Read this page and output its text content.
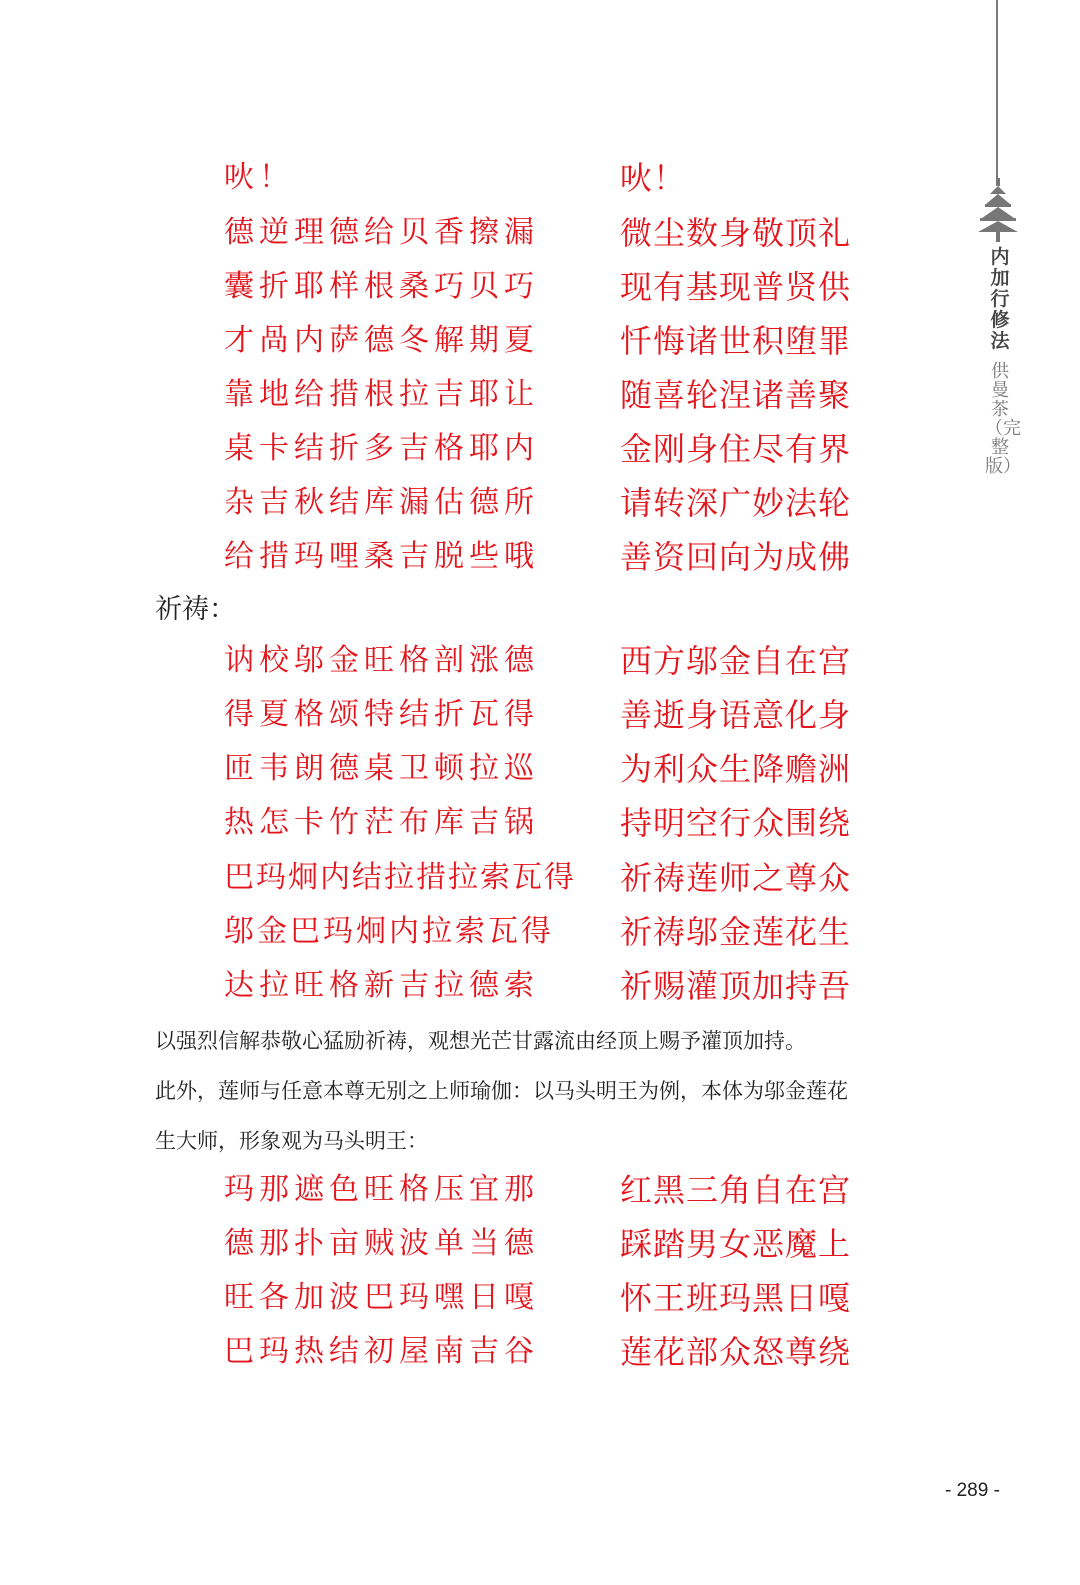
内加行修法
供曼茶（完整版）
吙！	吙！
德逆理德给贝香擦漏	微尘数身敬顶礼
囊折耶样根桑巧贝巧	现有基现普贤供
才咼内萨德冬解期夏	忏悔诸世积堕罪
靠地给措根拉吉耶让	随喜轮涅诸善聚
桌卡结折多吉格耶内	金刚身住尽有界
杂吉秋结库漏估德所	请转深广妙法轮
给措玛哩桑吉脱些哦	善资回向为成佛
祈祷：
讷校邬金旺格剖涨德	西方邬金自在宫
得夏格颂特结折瓦得	善逝身语意化身
匝韦朗德桌卫顿拉巡	为利众生降赡洲
热怎卡竹茫布库吉锅	持明空行众围绕
巴玛炯内结拉措拉索瓦得 祈祷莲师之尊众
邬金巴玛炯内拉索瓦得 祈祷邬金莲花生
达拉旺格新吉拉德索	祈赐灌顶加持吾
以强烈信解恭敬心猛励祈祷，观想光芒甘露流由经顶上赐予灌顶加持。
此外，莲师与任意本尊无别之上师瑜伽：以马头明王为例，本体为邬金莲花
生大师，形象观为马头明王：
玛那遮色旺格压宜那	红黑三角自在宫
德那扑亩贼波单当德	踩踏男女恶魔上
旺各加波巴玛嘿日嘎	怀王班玛黑日嘎
巴玛热结初屋南吉谷	莲花部众怒尊绕
- 289 -
